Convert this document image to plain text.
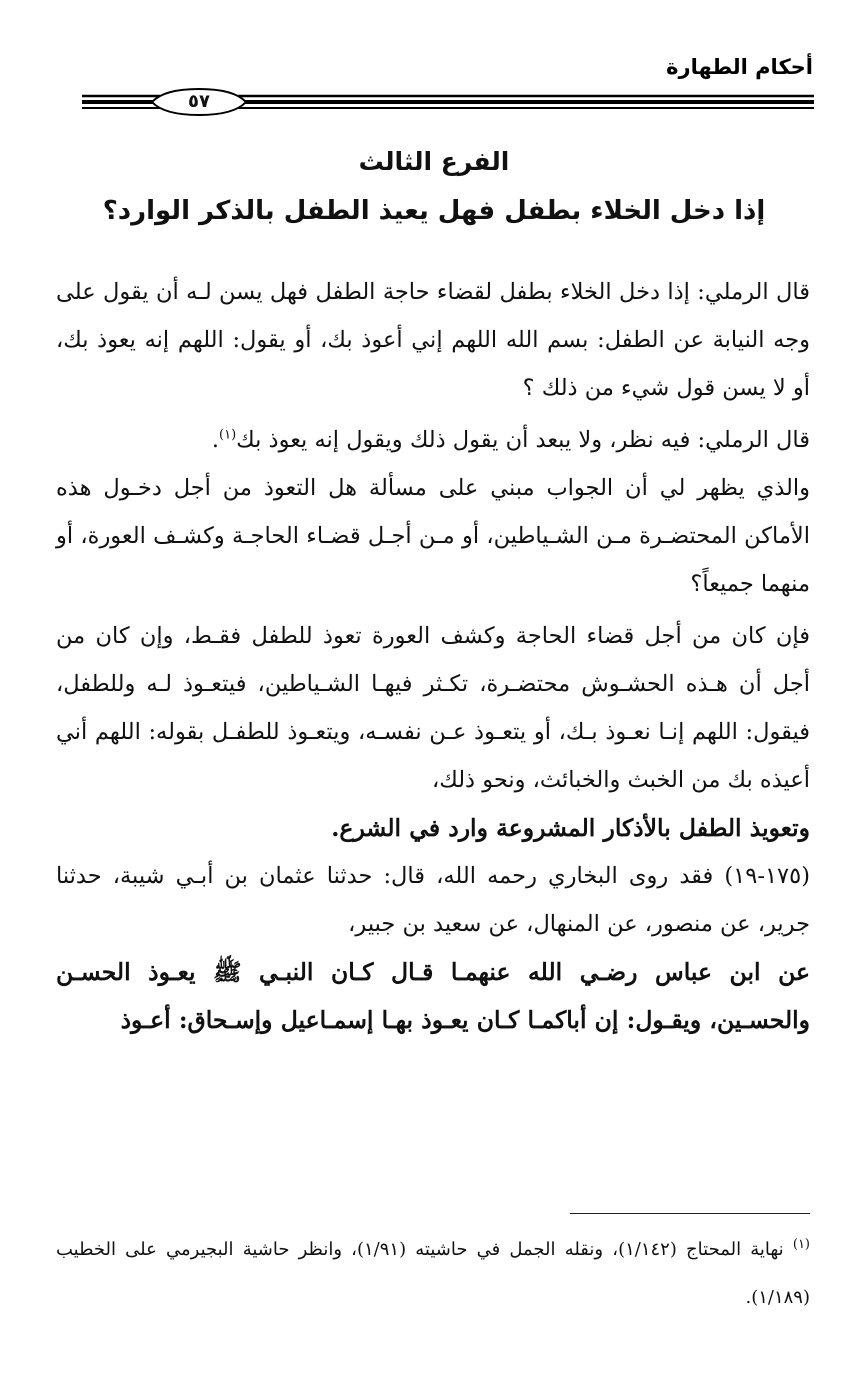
أحكام الطهارة
٥٧
الفرع الثالث
إذا دخل الخلاء بطفل فهل يعيذ الطفل بالذكر الوارد؟

قال الرملي: إذا دخل الخلاء بطفل لقضاء حاجة الطفل فهل يسن لـه أن يقول على وجه النيابة عن الطفل: بسم الله اللهم إني أعوذ بك، أو يقول: اللهم إنه يعوذ بك، أو لا يسن قول شيء من ذلك ؟

قال الرملي: فيه نظر، ولا يبعد أن يقول ذلك ويقول إنه يعوذ بك$^{(١)}$.

والذي يظهر لي أن الجواب مبني على مسألة هل التعوذ من أجل دخـول هذه الأماكن المحتضـرة مـن الشـياطين، أو مـن أجـل قضـاء الحاجـة وكشـف العورة، أو منهما جميعاً؟

فإن كان من أجل قضاء الحاجة وكشف العورة تعوذ للطفل فقـط، وإن كان من أجل أن هـذه الحشـوش محتضـرة، تكـثر فيهـا الشـياطين، فيتعـوذ لـه وللطفل، فيقول: اللهم إنـا نعـوذ بـك، أو يتعـوذ عـن نفسـه، ويتعـوذ للطفـل بقوله: اللهم أني أعيذه بك من الخبث والخبائث، ونحو ذلك،

وتعويذ الطفل بالأذكار المشروعة وارد في الشرع.

(١٧٥-١٩) فقد روى البخاري رحمه الله، قال: حدثنا عثمان بن أبـي شيبة، حدثنا جرير، عن منصور، عن المنهال، عن سعيد بن جبير،

عن ابن عباس رضـي الله عنهمـا قـال كـان النبـي ﷺ يعـوذ الحسـن والحسـين، ويقـول: إن أباكمـا كـان يعـوذ بهـا إسمـاعيل وإسـحاق: أعـوذ

$^{(١)}$ نهاية المحتاج (١/١٤٢)، ونقله الجمل في حاشيته (١/٩١)، وانظر حاشية البجيرمي على الخطيب (١/١٨٩).
